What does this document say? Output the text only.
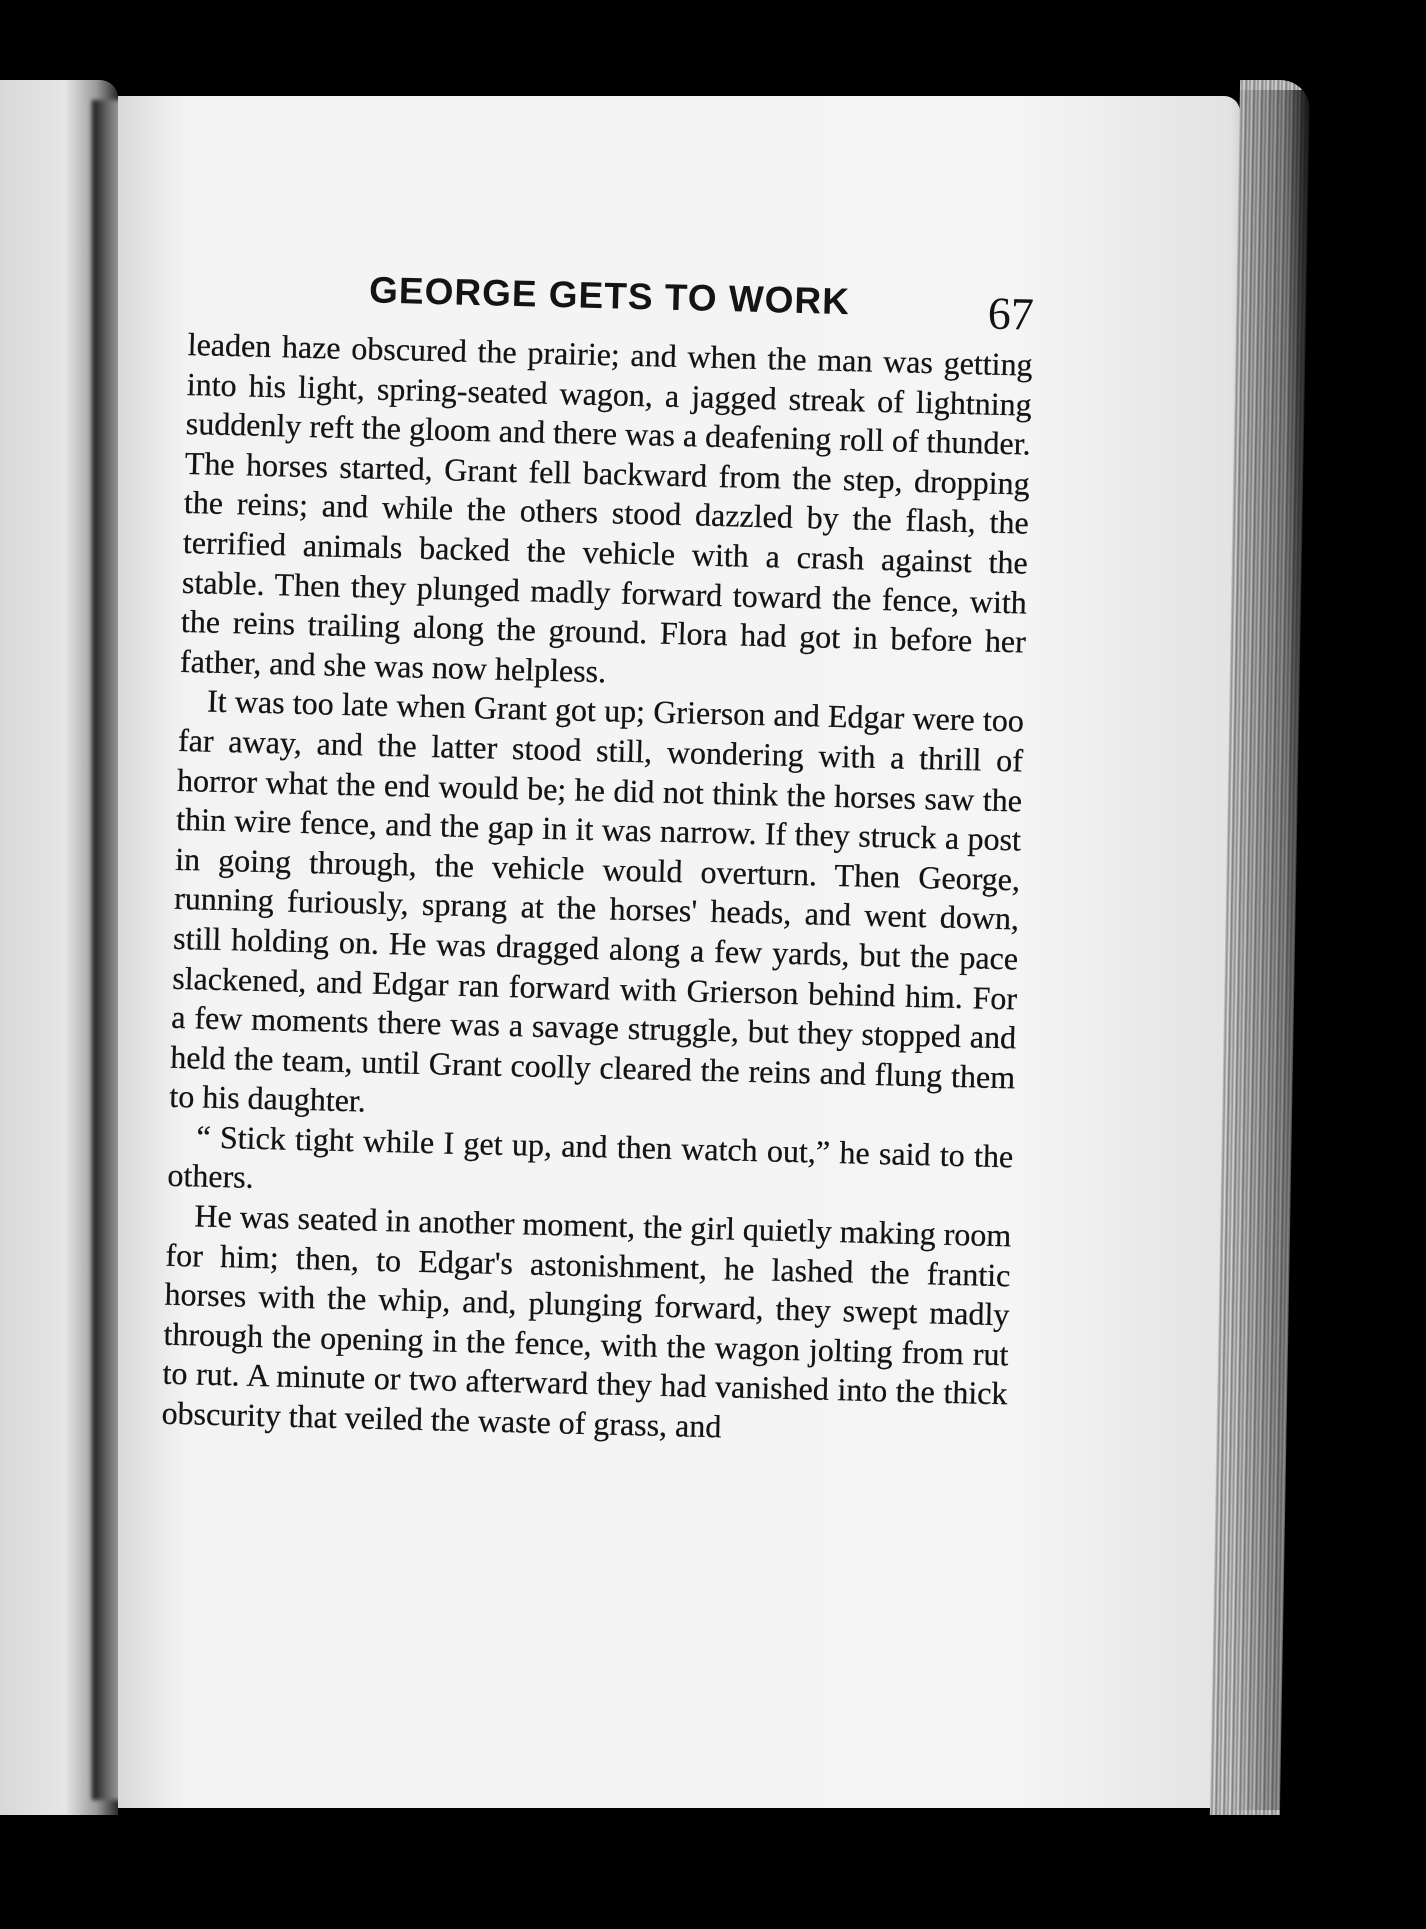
GEORGE GETS TO WORK	67

leaden haze obscured the prairie; and when the man was getting into his light, spring-seated wagon, a jagged streak of lightning suddenly reft the gloom and there was a deafening roll of thunder. The horses started, Grant fell backward from the step, dropping the reins; and while the others stood dazzled by the flash, the terrified animals backed the vehicle with a crash against the stable. Then they plunged madly forward toward the fence, with the reins trailing along the ground. Flora had got in before her father, and she was now helpless.

It was too late when Grant got up; Grierson and Edgar were too far away, and the latter stood still, wondering with a thrill of horror what the end would be; he did not think the horses saw the thin wire fence, and the gap in it was narrow. If they struck a post in going through, the vehicle would overturn. Then George, running furiously, sprang at the horses' heads, and went down, still holding on. He was dragged along a few yards, but the pace slackened, and Edgar ran forward with Grierson behind him. For a few moments there was a savage struggle, but they stopped and held the team, until Grant coolly cleared the reins and flung them to his daughter.

“ Stick tight while I get up, and then watch out,” he said to the others.

He was seated in another moment, the girl quietly making room for him; then, to Edgar's astonishment, he lashed the frantic horses with the whip, and, plunging forward, they swept madly through the opening in the fence, with the wagon jolting from rut to rut. A minute or two afterward they had vanished into the thick obscurity that veiled the waste of grass, and
